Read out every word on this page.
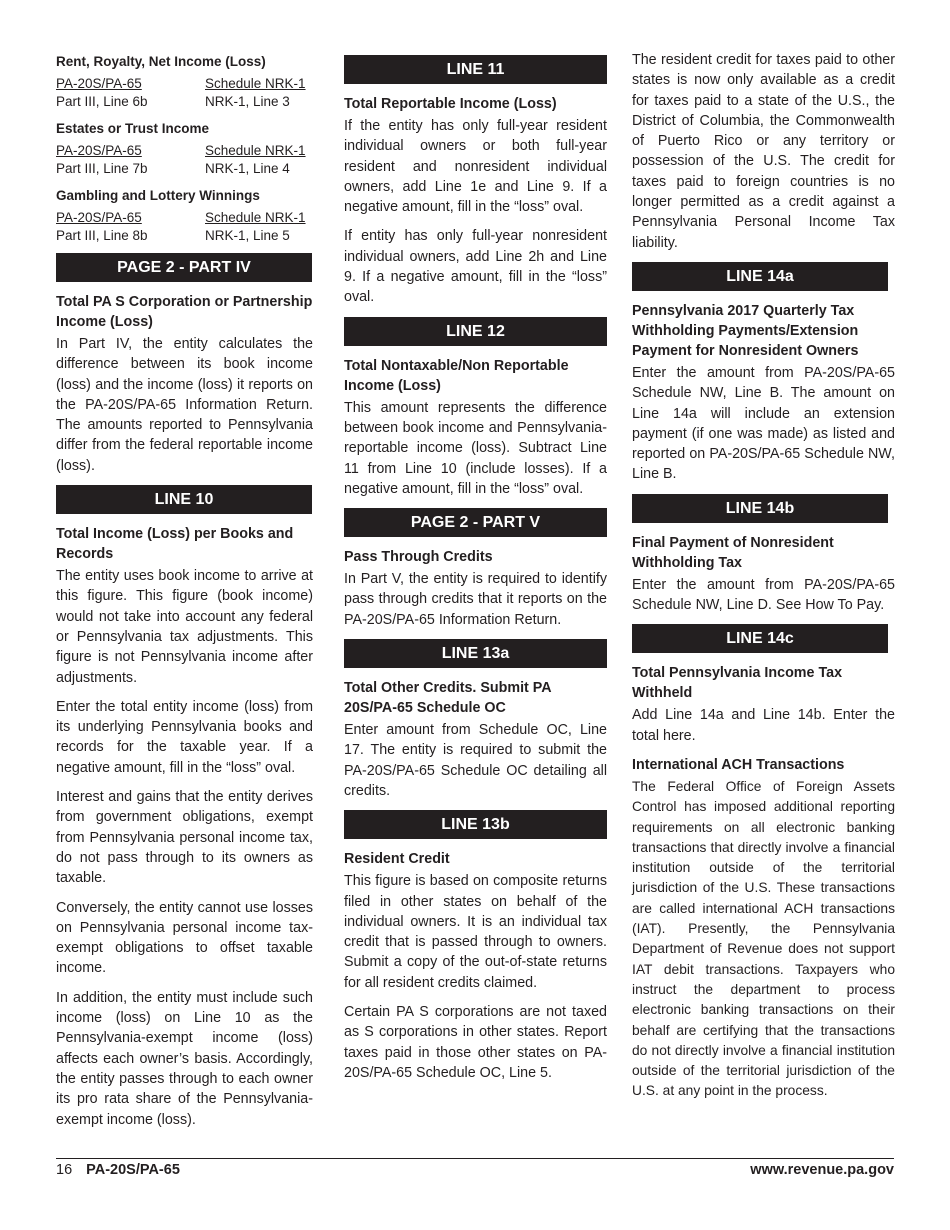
Rent, Royalty, Net Income (Loss)
PA-20S/PA-65	Schedule NRK-1
Part III, Line 6b	NRK-1, Line 3
Estates or Trust Income
PA-20S/PA-65	Schedule NRK-1
Part III, Line 7b	NRK-1, Line 4
Gambling and Lottery Winnings
PA-20S/PA-65	Schedule NRK-1
Part III, Line 8b	NRK-1, Line 5
PAGE 2 - PART IV
Total PA S Corporation or Partnership Income (Loss)
In Part IV, the entity calculates the difference between its book income (loss) and the income (loss) it reports on the PA-20S/PA-65 Information Return. The amounts reported to Pennsylvania differ from the federal reportable income (loss).
LINE 10
Total Income (Loss) per Books and Records
The entity uses book income to arrive at this figure. This figure (book income) would not take into account any federal or Pennsylvania tax adjustments. This figure is not Pennsylvania income after adjustments.
Enter the total entity income (loss) from its underlying Pennsylvania books and records for the taxable year. If a negative amount, fill in the “loss” oval.
Interest and gains that the entity derives from government obligations, exempt from Pennsylvania personal income tax, do not pass through to its owners as taxable.
Conversely, the entity cannot use losses on Pennsylvania personal income tax-exempt obligations to offset taxable income.
In addition, the entity must include such income (loss) on Line 10 as the Pennsylvania-exempt income (loss) affects each owner’s basis. Accordingly, the entity passes through to each owner its pro rata share of the Pennsylvania-exempt income (loss).
LINE 11
Total Reportable Income (Loss)
If the entity has only full-year resident individual owners or both full-year resident and nonresident individual owners, add Line 1e and Line 9. If a negative amount, fill in the “loss” oval.
If entity has only full-year nonresident individual owners, add Line 2h and Line 9. If a negative amount, fill in the “loss” oval.
LINE 12
Total Nontaxable/Non Reportable Income (Loss)
This amount represents the difference between book income and Pennsylvania-reportable income (loss). Subtract Line 11 from Line 10 (include losses). If a negative amount, fill in the “loss” oval.
PAGE 2 - PART V
Pass Through Credits
In Part V, the entity is required to identify pass through credits that it reports on the PA-20S/PA-65 Information Return.
LINE 13a
Total Other Credits. Submit PA 20S/PA-65 Schedule OC
Enter amount from Schedule OC, Line 17. The entity is required to submit the PA-20S/PA-65 Schedule OC detailing all credits.
LINE 13b
Resident Credit
This figure is based on composite returns filed in other states on behalf of the individual owners. It is an individual tax credit that is passed through to owners. Submit a copy of the out-of-state returns for all resident credits claimed.
Certain PA S corporations are not taxed as S corporations in other states. Report taxes paid in those other states on PA-20S/PA-65 Schedule OC, Line 5.
The resident credit for taxes paid to other states is now only available as a credit for taxes paid to a state of the U.S., the District of Columbia, the Commonwealth of Puerto Rico or any territory or possession of the U.S. The credit for taxes paid to foreign countries is no longer permitted as a credit against a Pennsylvania Personal Income Tax liability.
LINE 14a
Pennsylvania 2017 Quarterly Tax Withholding Payments/Extension Payment for Nonresident Owners
Enter the amount from PA-20S/PA-65 Schedule NW, Line B. The amount on Line 14a will include an extension payment (if one was made) as listed and reported on PA-20S/PA-65 Schedule NW, Line B.
LINE 14b
Final Payment of Nonresident Withholding Tax
Enter the amount from PA-20S/PA-65 Schedule NW, Line D. See How To Pay.
LINE 14c
Total Pennsylvania Income Tax Withheld
Add Line 14a and Line 14b. Enter the total here.
International ACH Transactions
The Federal Office of Foreign Assets Control has imposed additional reporting requirements on all electronic banking transactions that directly involve a financial institution outside of the territorial jurisdiction of the U.S. These transactions are called international ACH transactions (IAT). Presently, the Pennsylvania Department of Revenue does not support IAT debit transactions. Taxpayers who instruct the department to process electronic banking transactions on their behalf are certifying that the transactions do not directly involve a financial institution outside of the territorial jurisdiction of the U.S. at any point in the process.
16 PA-20S/PA-65	www.revenue.pa.gov
